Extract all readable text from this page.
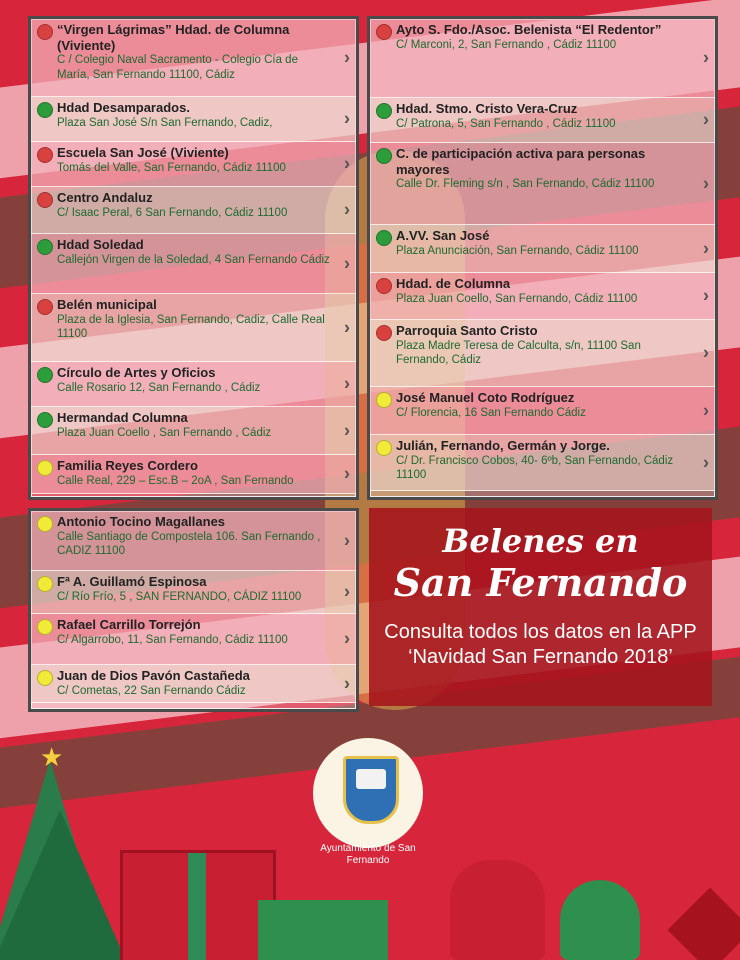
★
“Virgen Lágrimas” Hdad. de Columna (Viviente)
C / Colegio Naval Sacramento - Colegio Cía de María, San Fernando 11100, Cádiz
›
Hdad Desamparados.
Plaza San José S/n San Fernando, Cadiz,	›
Escuela San José (Viviente)
Tomás del Valle, San Fernando, Cádiz 11100	›
Centro Andaluz
C/ Isaac Peral, 6 San Fernando, Cádiz 11100	›
Hdad Soledad
Callejón Virgen de la Soledad, 4 San Fernando Cádiz ›
Belén municipal
Plaza de la Iglesia, San Fernando, Cadiz, Calle Real 11100	›
Círculo de Artes y Oficios
Calle Rosario 12, San Fernando , Cádiz	›
Hermandad Columna
Plaza Juan Coello , San Fernando , Cádiz	›
Familia Reyes Cordero
Calle Real, 229 – Esc.B – 2oA , San Fernando	›
Ayto S. Fdo./Asoc. Belenista “El Redentor”
C/ Marconi, 2, San Fernando , Cádiz 11100
›
Hdad. Stmo. Cristo Vera-Cruz
C/ Patrona, 5, San Fernando , Cádiz 11100	›
C. de participación activa para personas mayores
Calle Dr. Fleming s/n , San Fernando, Cádiz 11100	›
A.VV. San José
Plaza Anunciación, San Fernando, Cádiz 11100	›
Hdad. de Columna
Plaza Juan Coello, San Fernando, Cádiz 11100	›
Parroquia Santo Cristo
Plaza Madre Teresa de Calculta, s/n, 11100 San Fernando, Cádiz	›
José Manuel Coto Rodríguez
C/ Florencia, 16 San Fernando Cádiz	›
Julián, Fernando, Germán y Jorge.
C/ Dr. Francisco Cobos, 40- 6ºb, San Fernando, Cádiz 11100
›
Antonio Tocino Magallanes
Calle Santiago de Compostela 106. San Fernando , CADIZ 11100
›
Fª A. Guillamó Espinosa
C/ Río Frío, 5 , SAN FERNANDO, CÁDIZ 11100	›
Rafael Carrillo Torrejón
C/ Algarrobo, 11, San Fernando, Cádiz 11100	›
Juan de Dios Pavón Castañeda
C/ Cometas, 22 San Fernando Cádiz	›
Belenes en
San Fernando
Consulta todos los datos en la APP ‘Navidad San Fernando 2018’
Ayuntamiento de San Fernando
